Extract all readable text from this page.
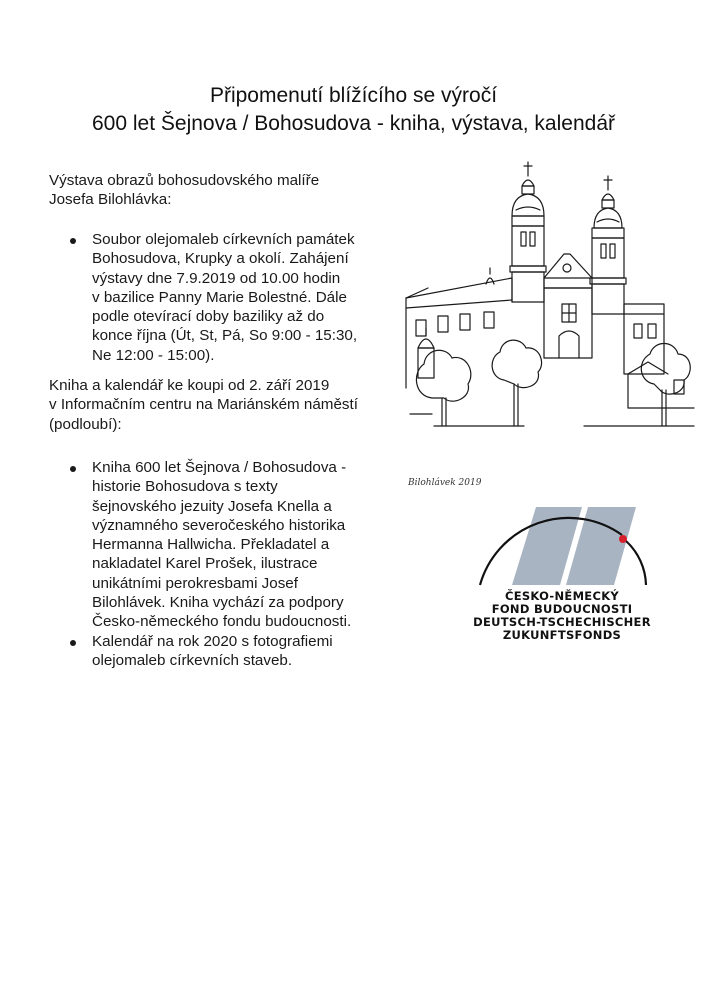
Připomenutí blížícího se výročí
600 let Šejnova / Bohosudova - kniha, výstava, kalendář

Výstava obrazů bohosudovského malíře

Josefa Bilohlávka:

Soubor olejomaleb církevních památek
Bohosudova, Krupky a okolí. Zahájení
výstavy dne 7.9.2019 od 10.00 hodin
v bazilice Panny Marie Bolestné. Dále
podle otevírací doby baziliky až do
konce října (Út, St, Pá, So 9:00 - 15:30,
Ne 12:00 - 15:00).

Kniha a kalendář ke koupi od 2. září 2019

v Informačním centru na Mariánském náměstí

(podloubí):

Kniha 600 let Šejnova / Bohosudova -
historie Bohosudova s texty
šejnovského jezuity Josefa Knella a
významného severočeského historika
Hermanna Hallwicha. Překladatel a
nakladatel Karel Prošek, ilustrace
unikátními perokresbami Josef
Bilohlávek. Kniha vychází za podpory
Česko-německého fondu budoucnosti.
Kalendář na rok 2020 s fotografiemi
olejomaleb církevních staveb.
Bilohlávek 2019
ČESKO-NĚMECKÝ
FOND BUDOUCNOSTI
DEUTSCH-TSCHECHISCHER
ZUKUNFTSFONDS
